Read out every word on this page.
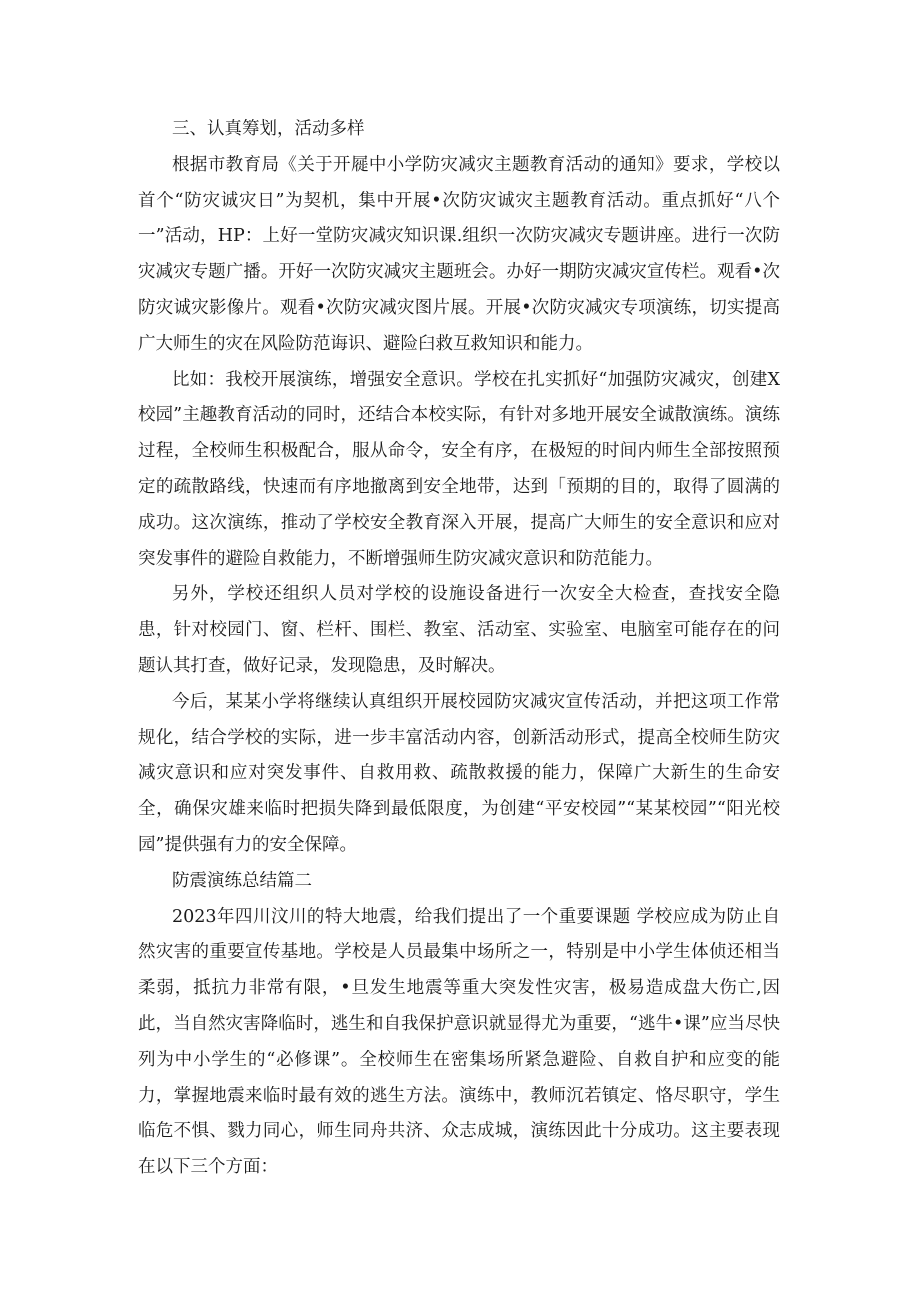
三、认真筹划，活动多样

根据市教育局《关于开屣中小学防灾减灾主题教育活动的通知》要求，学校以首个“防灾诚灾日”为契机，集中开展•次防灾诚灾主题教育活动。重点抓好“八个一”活动，HP：上好一堂防灾减灾知识课.组织一次防灾减灾专题讲座。进行一次防灾减灾专题广播。开好一次防灾减灾主题班会。办好一期防灾减灾宣传栏。观看•次防灾诚灾影像片。观看•次防灾减灾图片展。开展•次防灾减灾专项演练，切实提高广大师生的灾在风险防范诲识、避险臼救互救知识和能力。

比如：我校开展演练，增强安全意识。学校在扎实抓好“加强防灾减灾，创建X校园”主趣教育活动的同时，还结合本校实际，有针对多地开展安全诚散演练。演练过程，全校师生积极配合，服从命令，安全有序，在极短的时间内师生全部按照预定的疏散路线，快速而有序地撤离到安全地带，达到「预期的目的，取得了圆满的成功。这次演练，推动了学校安全教育深入开展，提高广大师生的安全意识和应对突发事件的避险自救能力，不断增强师生防灾减灾意识和防范能力。

另外，学校还组织人员对学校的设施设备进行一次安全大检查，查找安全隐患，针对校园门、窗、栏杆、围栏、教室、活动室、实验室、电脑室可能存在的问题认其打查，做好记录，发现隐患，及时解决。

今后，某某小学将继续认真组织开展校园防灾减灾宣传活动，并把这项工作常规化，结合学校的实际，进一步丰富活动内容，创新活动形式，提高全校师生防灾减灾意识和应对突发事件、自救用救、疏散救援的能力，保障广大新生的生命安全，确保灾雄来临时把损失降到最低限度，为创建“平安校园”“某某校园”“阳光校园”提供强有力的安全保障。

防震演练总结篇二

2023年四川汶川的特大地震，给我们提出了一个重要课题 学校应成为防止自然灾害的重要宣传基地。学校是人员最集中场所之一，特别是中小学生体侦还相当柔弱，抵抗力非常有限，•旦发生地震等重大突发性灾害，极易造成盘大伤亡,因此，当自然灾害降临时，逃生和自我保护意识就显得尤为重要，“逃牛•课”应当尽快列为中小学生的“必修课”。全校师生在密集场所紧急避险、自救自护和应变的能力，掌握地震来临时最有效的逃生方法。演练中，教师沉若镇定、恪尽职守，学生临危不惧、戮力同心，师生同舟共济、众志成城，演练因此十分成功。这主要表现在以下三个方面：
